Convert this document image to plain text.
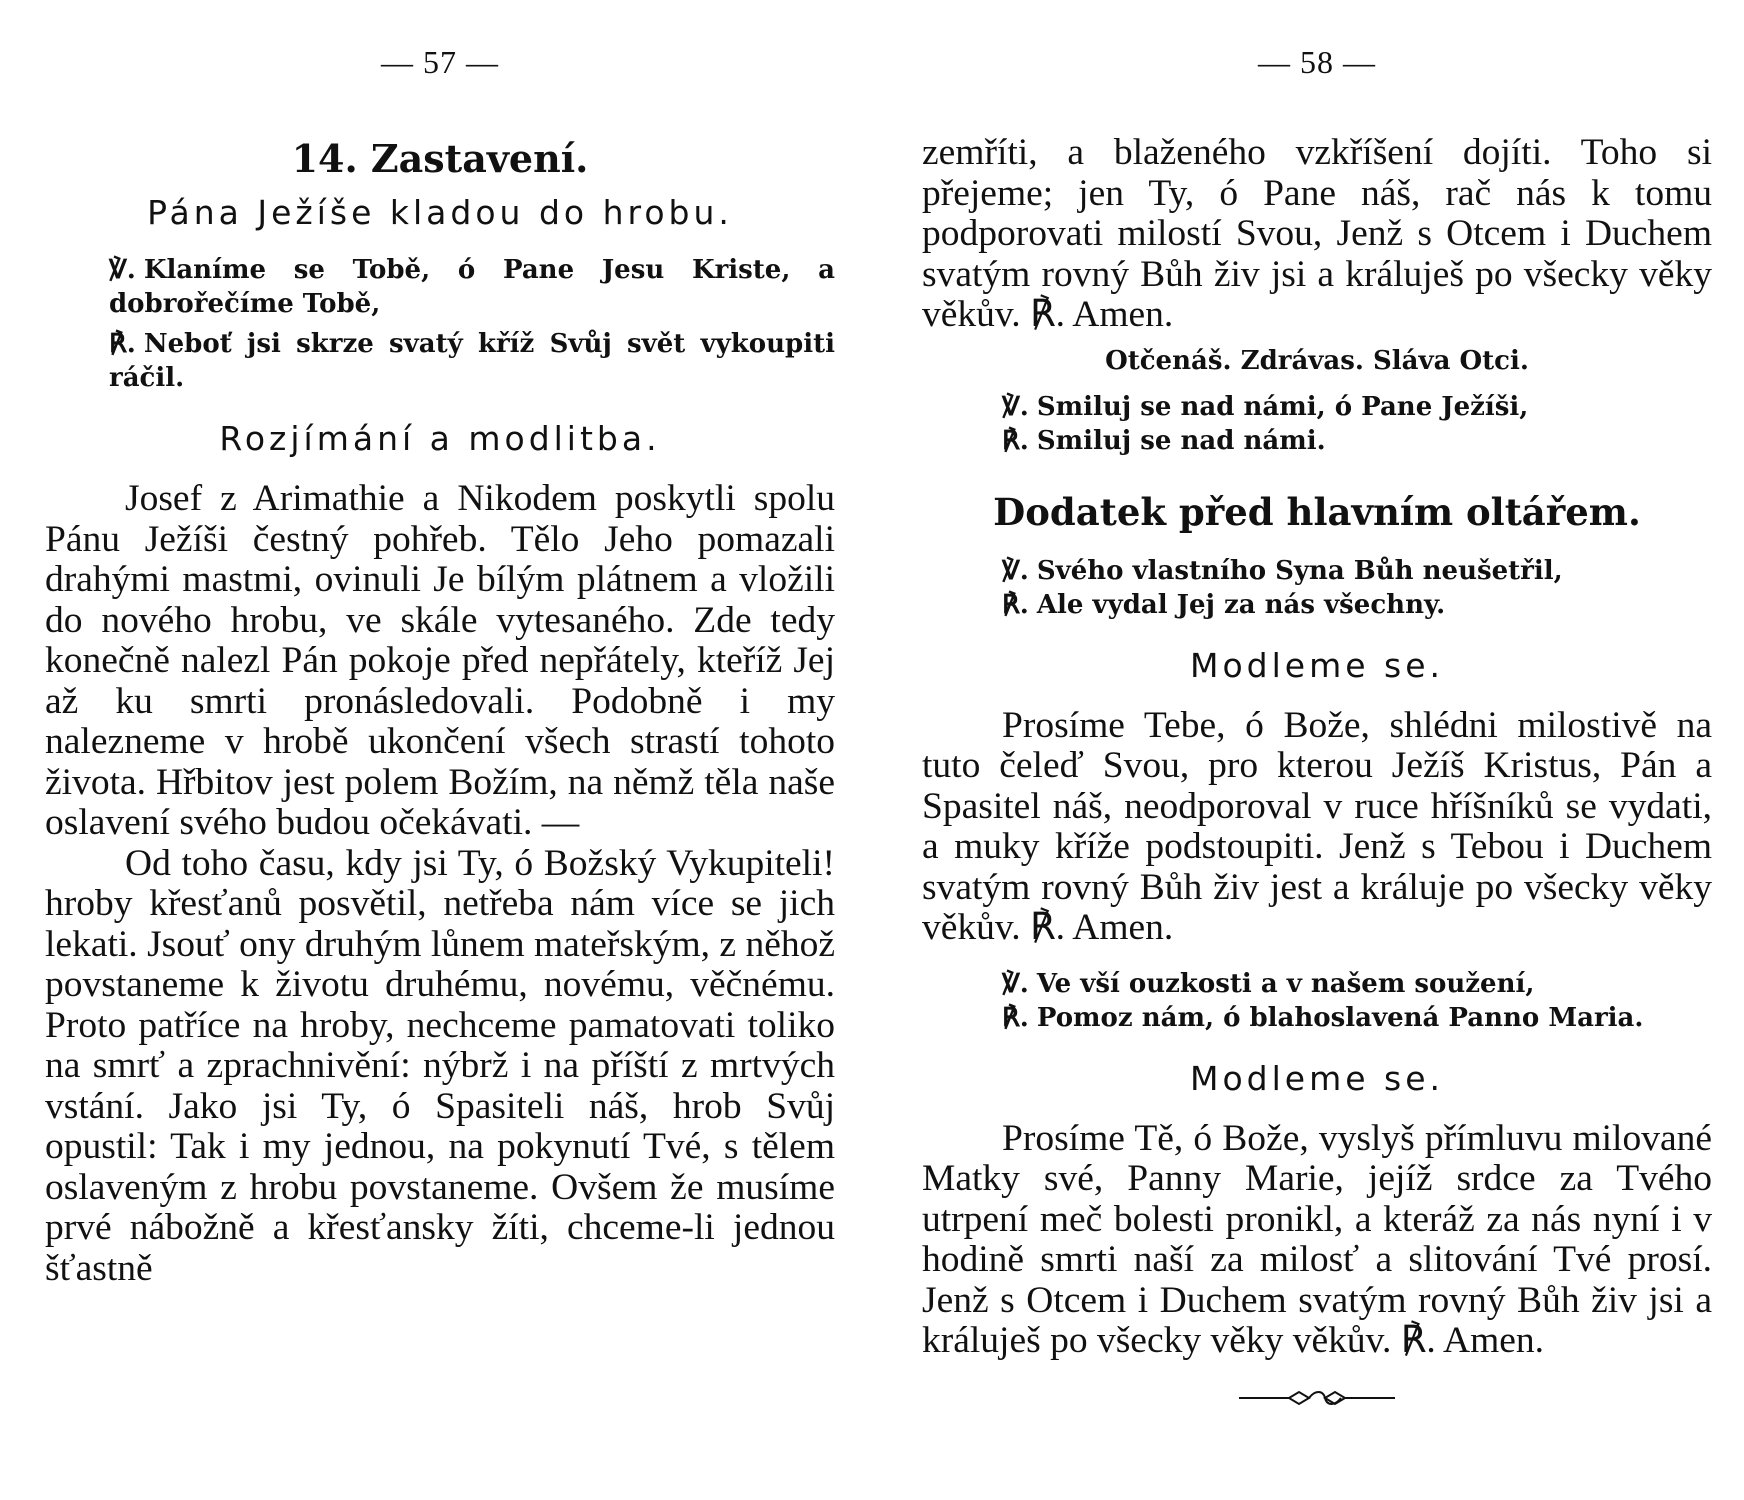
— 57 —
14. Zastavení.
Pána Ježíše kladou do hrobu.

℣. Klaníme se Tobě, ó Pane Jesu Kriste, a dobrořečíme Tobě,

℟. Neboť jsi skrze svatý kříž Svůj svět vykoupiti ráčil.

Rozjímání a modlitba.

Josef z Arimathie a Nikodem poskytli spolu Pánu Ježíši čestný pohřeb. Tělo Jeho pomazali drahými mastmi, ovinuli Je bílým plátnem a vložili do nového hrobu, ve skále vytesaného. Zde tedy konečně nalezl Pán pokoje před nepřátely, kteříž Jej až ku smrti pronásledovali. Podobně i my nalezneme v hrobě ukončení všech strastí tohoto života. Hřbitov jest polem Božím, na němž těla naše oslavení svého budou očekávati. —

Od toho času, kdy jsi Ty, ó Božský Vykupiteli! hroby křesťanů posvětil, netřeba nám více se jich lekati. Jsouť ony druhým lůnem mateřským, z něhož povstaneme k životu druhému, novému, věčnému. Proto patříce na hroby, nechceme pamatovati toliko na smrť a zprachnivění: nýbrž i na příští z mrtvých vstání. Jako jsi Ty, ó Spasiteli náš, hrob Svůj opustil: Tak i my jednou, na pokynutí Tvé, s tělem oslaveným z hrobu povstaneme. Ovšem že musíme prvé nábožně a křesťansky žíti, chceme-li jednou šťastně

— 58 —

zemříti, a blaženého vzkříšení dojíti. Toho si přejeme; jen Ty, ó Pane náš, rač nás k tomu podporovati milostí Svou, Jenž s Otcem i Duchem svatým rovný Bůh živ jsi a králuješ po všecky věky věkův. ℟. Amen.

Otčenáš. Zdrávas. Sláva Otci.

℣. Smiluj se nad námi, ó Pane Ježíši,

℟. Smiluj se nad námi.

Dodatek před hlavním oltářem.

℣. Svého vlastního Syna Bůh neušetřil,

℟. Ale vydal Jej za nás všechny.

Modleme se.

Prosíme Tebe, ó Bože, shlédni milostivě na tuto čeleď Svou, pro kterou Ježíš Kristus, Pán a Spasitel náš, neodporoval v ruce hříšníků se vydati, a muky kříže podstoupiti. Jenž s Tebou i Duchem svatým rovný Bůh živ jest a králuje po všecky věky věkův. ℟. Amen.

℣. Ve vší ouzkosti a v našem soužení,

℟. Pomoz nám, ó blahoslavená Panno Maria.

Modleme se.

Prosíme Tě, ó Bože, vyslyš přímluvu milované Matky své, Panny Marie, jejíž srdce za Tvého utrpení meč bolesti pronikl, a kteráž za nás nyní i v hodině smrti naší za milosť a slitování Tvé prosí. Jenž s Otcem i Duchem svatým rovný Bůh živ jsi a králuješ po všecky věky věkův. ℟. Amen.
